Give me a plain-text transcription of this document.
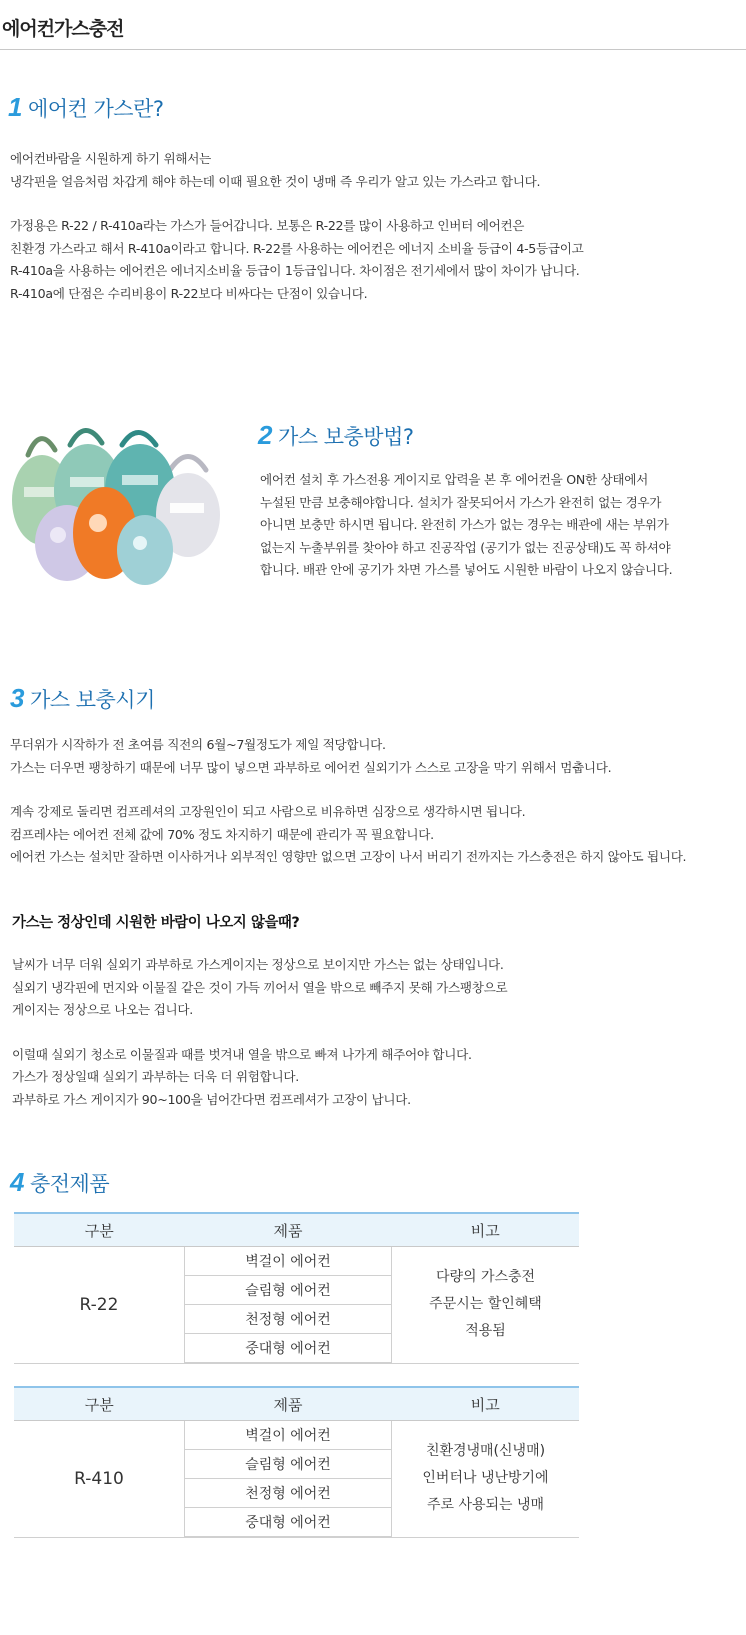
에어컨가스충전
1 에어컨 가스란?

에어컨바람을 시원하게 하기 위해서는

냉각핀을 얼음처럼 차갑게 해야 하는데 이때 필요한 것이 냉매 즉 우리가 알고 있는 가스라고 합니다.

가정용은 R-22 / R-410a라는 가스가 들어갑니다. 보통은 R-22를 많이 사용하고 인버터 에어컨은

친환경 가스라고 해서 R-410a이라고 합니다. R-22를 사용하는 에어컨은 에너지 소비율 등급이 4-5등급이고

R-410a을 사용하는 에어컨은 에너지소비율 등급이 1등급입니다. 차이점은 전기세에서 많이 차이가 납니다.

R-410a에 단점은 수리비용이 R-22보다 비싸다는 단점이 있습니다.

2 가스 보충방법?

에어컨 설치 후 가스전용 게이지로 압력을 본 후 에어컨을 ON한 상태에서

누설된 만큼 보충해야합니다. 설치가 잘못되어서 가스가 완전히 없는 경우가

아니면 보충만 하시면 됩니다. 완전히 가스가 없는 경우는 배관에 새는 부위가

없는지 누출부위를 찾아야 하고 진공작업 (공기가 없는 진공상태)도 꼭 하셔야

합니다. 배관 안에 공기가 차면 가스를 넣어도 시원한 바람이 나오지 않습니다.

3 가스 보충시기

무더위가 시작하가 전 초여름 직전의 6월~7월정도가 제일 적당합니다.

가스는 더우면 팽창하기 때문에 너무 많이 넣으면 과부하로 에어컨 실외기가 스스로 고장을 막기 위해서 멈춥니다.

계속 강제로 돌리면 컴프레셔의 고장원인이 되고 사람으로 비유하면 심장으로 생각하시면 됩니다.

컴프레샤는 에어컨 전체 값에 70% 정도 차지하기 때문에 관리가 꼭 필요합니다.

에어컨 가스는 설치만 잘하면 이사하거나 외부적인 영향만 없으면 고장이 나서 버리기 전까지는 가스충전은 하지 않아도 됩니다.

가스는 정상인데 시원한 바람이 나오지 않을때?

날씨가 너무 더워 실외기 과부하로 가스게이지는 정상으로 보이지만 가스는 없는 상태입니다.

실외기 냉각핀에 먼지와 이물질 같은 것이 가득 끼어서 열을 밖으로 빼주지 못해 가스팽창으로

게이지는 정상으로 나오는 겁니다.

이럴때 실외기 청소로 이물질과 때를 벗겨내 열을 밖으로 빠져 나가게 해주어야 합니다.

가스가 정상일때 실외기 과부하는 더욱 더 위험합니다.

과부하로 가스 게이지가 90~100을 넘어간다면 컴프레셔가 고장이 납니다.

4 충전제품
구분	제품	비고
R-22	벽걸이 에어컨	다량의 가스충전
주문시는 할인혜택
적용됨

	슬림형 에어컨	
	천정형 에어컨	
	중대형 에어컨	
구분	제품	비고
R-410	벽걸이 에어컨	친환경냉매(신냉매)
인버터나 냉난방기에
주로 사용되는 냉매

	슬림형 에어컨	
	천정형 에어컨	
	중대형 에어컨	
